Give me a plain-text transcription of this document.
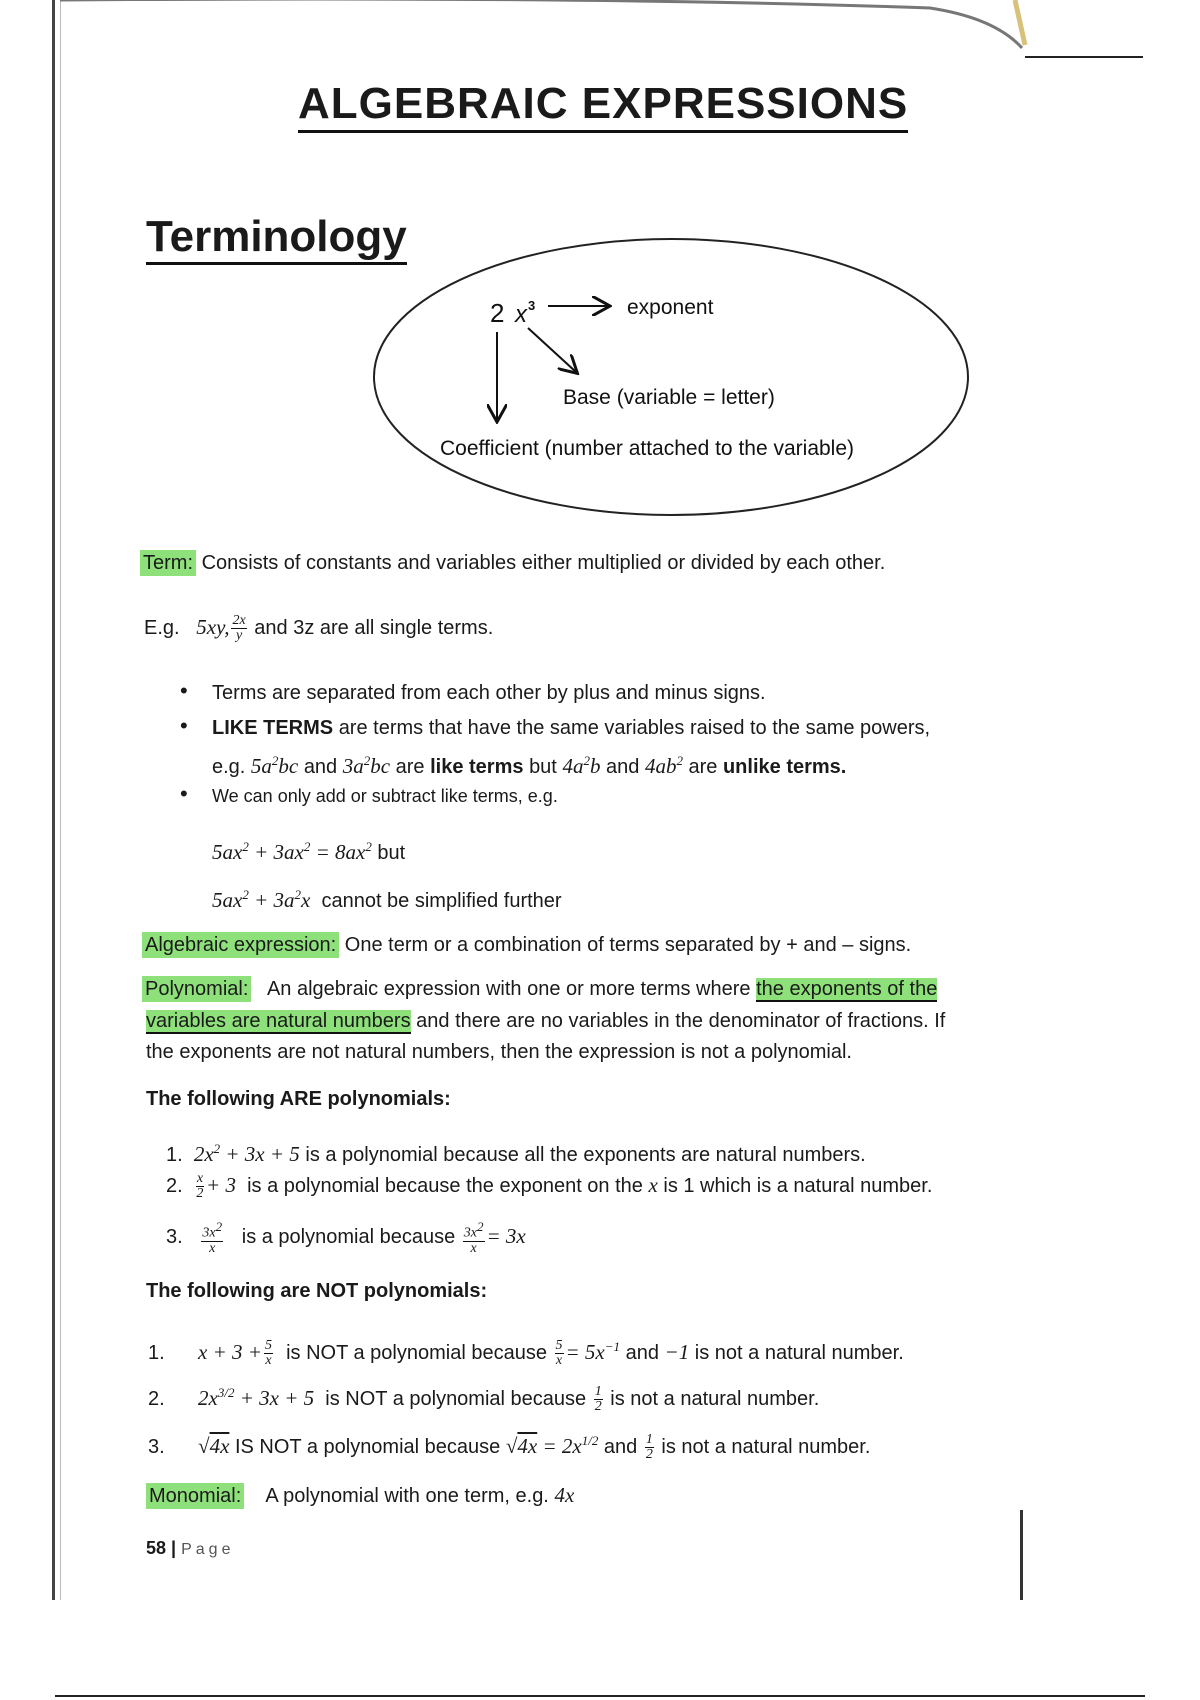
ALGEBRAIC EXPRESSIONS
Terminology
2 x 3	exponent
Base (variable = letter)
Coefficient (number attached to the variable)
Term: Consists of constants and variables either multiplied or divided by each other.
E.g. 5xy, $\frac{2x}{y}$ and 3z are all single terms.
• Terms are separated from each other by plus and minus signs.
• LIKE TERMS are terms that have the same variables raised to the same powers,
e.g. $5a^2bc$ and $3a^2bc$ are like terms but $4a^2b$ and $4ab^2$ are unlike terms.
• We can only add or subtract like terms, e.g.
$5ax^2 + 3ax^2 = 8ax^2$ but
$5ax^2 + 3a^2x$ cannot be simplified further
Algebraic expression: One term or a combination of terms separated by + and – signs.
Polynomial: An algebraic expression with one or more terms where the exponents of the
variables are natural numbers and there are no variables in the denominator of fractions. If
the exponents are not natural numbers, then the expression is not a polynomial.
The following ARE polynomials:
1. $2x^2 + 3x + 5$ is a polynomial because all the exponents are natural numbers.
2. $\frac{x}{2} + 3$ is a polynomial because the exponent on the x is 1 which is a natural number.
3. $\frac{3x^2}{x}$ is a polynomial because $\frac{3x^2}{x} = 3x$
The following are NOT polynomials:
1. $x + 3 + \frac{5}{x}$ is NOT a polynomial because $\frac{5}{x} = 5x^{-1}$ and −1 is not a natural number.
2. $2x^{3/2} + 3x + 5$ is NOT a polynomial because $\frac{1}{2}$ is not a natural number.
3. √4x IS NOT a polynomial because $√4x = 2x^{1/2}$ and $\frac{1}{2}$ is not a natural number.
Monomial: A polynomial with one term, e.g. 4x
58 | Page
